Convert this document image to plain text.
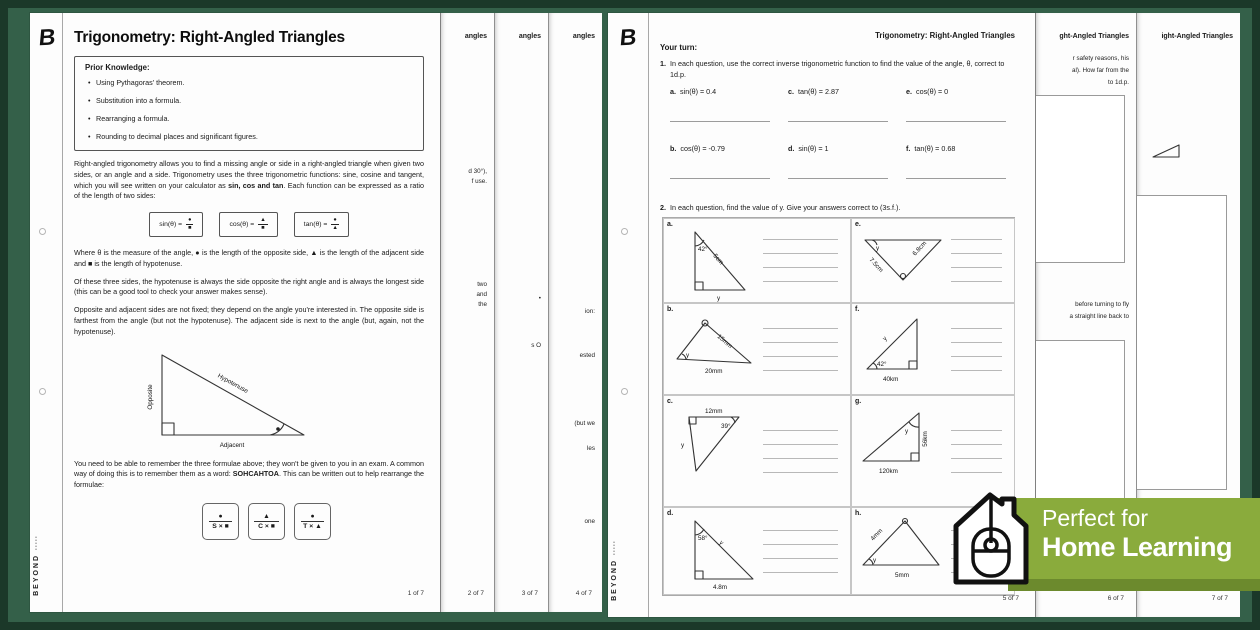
angles
d 30°),
f use.
two
and
the
2 of 7
angles
•
s O
3 of 7
angles
ion:
ested
(but we
les
one
4 of 7
B
BEYOND ·····
Trigonometry: Right-Angled Triangles
Prior Knowledge:
• Using Pythagoras' theorem.
• Substitution into a formula.
• Rearranging a formula.
• Rounding to decimal places and significant figures.

Right-angled trigonometry allows you to find a missing angle or side in a right-angled triangle when given two sides, or an angle and a side. Trigonometry uses the three trigonometric functions: sine, cosine and tangent, which you will see written on your calculator as sin, cos and tan. Each function can be expressed as a ratio of the length of two sides:

$\sin(\theta) = \frac{●}{■}$	$\cos(\theta) = \frac{▲}{■}$	$\tan(\theta) = \frac{●}{▲}$

Where θ is the measure of the angle, ● is the length of the opposite side, ▲ is the length of the adjacent side and ■ is the length of hypotenuse.

Of these three sides, the hypotenuse is always the side opposite the right angle and is always the longest side (this can be a good tool to check your answer makes sense).

Opposite and adjacent sides are not fixed; they depend on the angle you're interested in. The opposite side is farthest from the angle (but not the hypotenuse). The adjacent side is next to the angle (but, again, not the hypotenuse).

Opposite
Hypotenuse
Adjacent

You need to be able to remember the three formulae above; they won't be given to you in an exam. A common way of doing this is to remember them as a word: SOHCAHTOA. This can be written out to help rearrange the formulae:

●
S × ■
▲
C × ■
●
T × ▲
1 of 7
ght-Angled Triangles
r safety reasons, his
al). How far from the
to 1d.p.
before turning to fly
a straight line back to
6 of 7
ight-Angled Triangles
7 of 7
B
BEYOND ·····
Trigonometry: Right-Angled Triangles
Your turn:
1. In each question, use the correct inverse trigonometric function to find the value of the angle, θ, correct to 1d.p.
a. sin(θ) = 0.4	c. tan(θ) = 2.87	e. cos(θ) = 0
b. cos(θ) = -0.79	d. sin(θ) = 1	f. tan(θ) = 0.68
2. In each question, find the value of y. Give your answers correct to (3s.f.).
a.
42°
5cm
y
e.
y
7.5cm
6.8cm
b.
y
15mm
20mm
f.
42°
y
40km
c.
12mm
39°
y
g.
y
120km
56km
d.
58°
y
4.8m
h.
y
4mm
5mm
5 of 7
Perfect for
Home Learning
